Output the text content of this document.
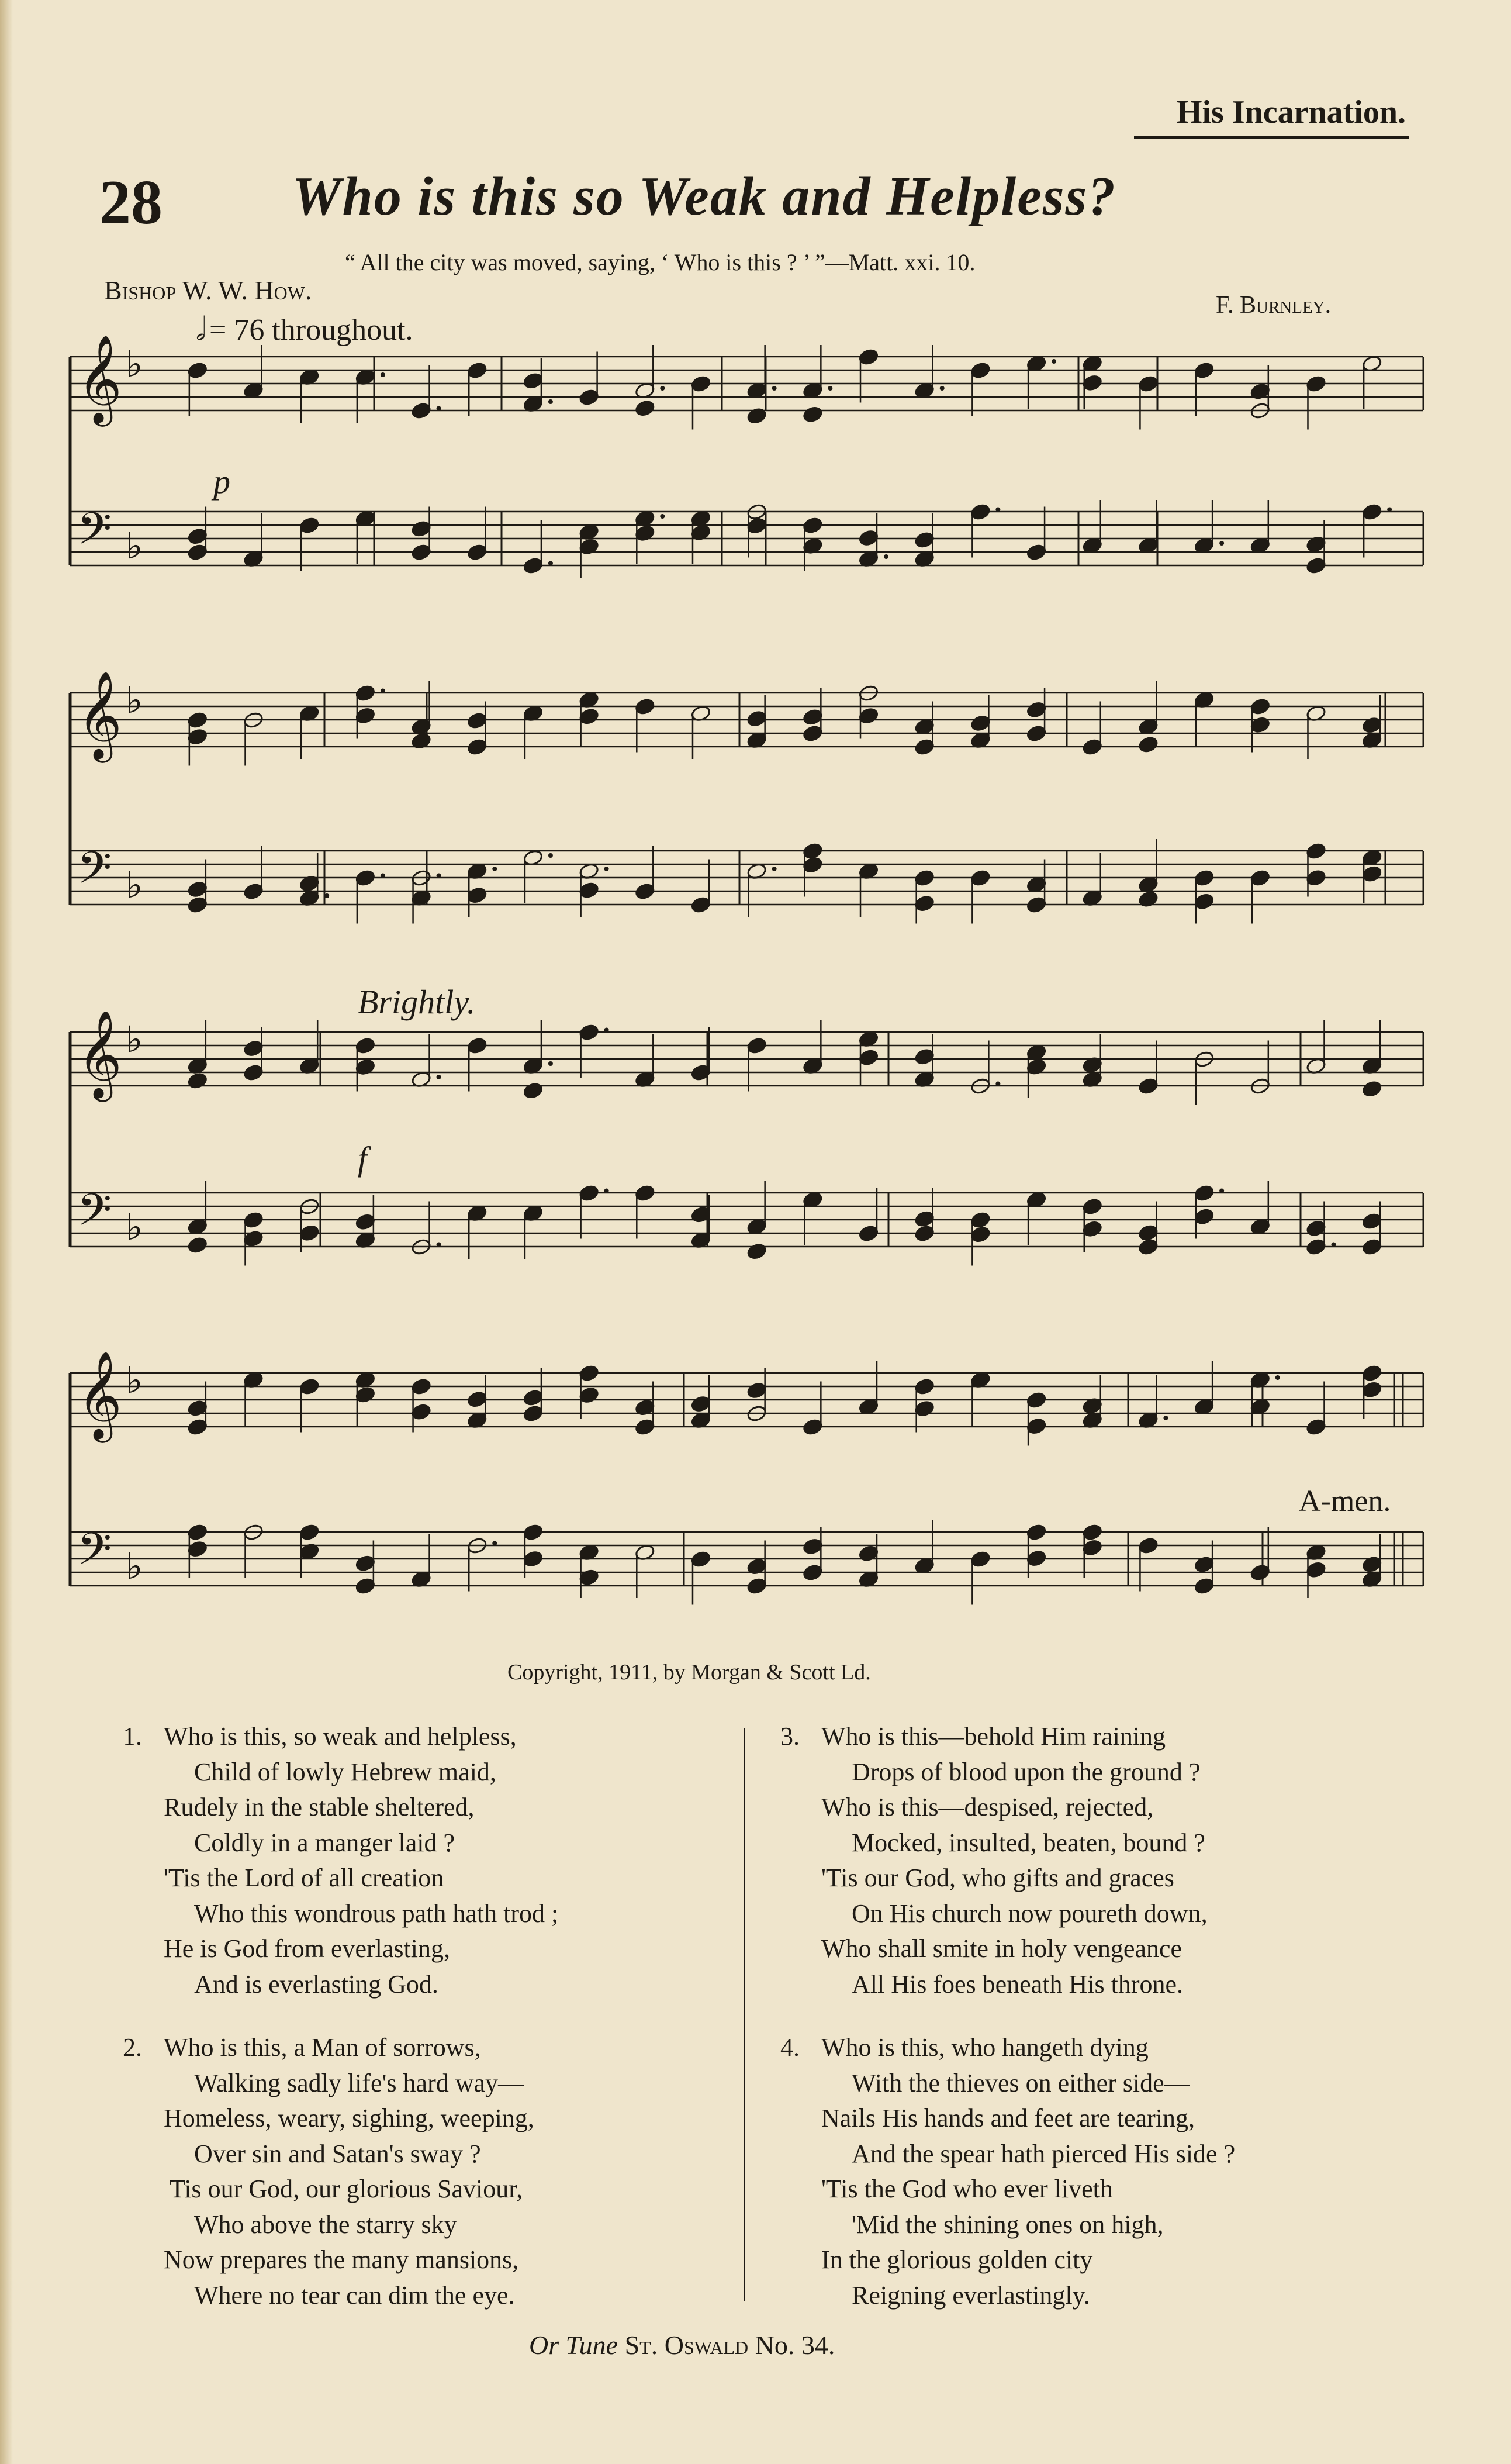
His Incarnation.
28 Who is this so Weak and Helpless?
“ All the city was moved, saying, ‘ Who is this ? ’ ”—Matt. xxi. 10.
Bishop W. W. How.	F. Burnley.
𝅗𝅥 = 76 throughout.
𝄞 ♭
𝄢 ♭
𝄞 ♭
𝄢 ♭
𝄞 ♭
𝄢 ♭
𝄞 ♭
𝄢 ♭
p
Brightly.
f
A-men.
Copyright, 1911, by Morgan & Scott Ld.
1. Who is this, so weak and helpless,
Child of lowly Hebrew maid,
Rudely in the stable sheltered,
Coldly in a manger laid ?
'Tis the Lord of all creation
Who this wondrous path hath trod ;
He is God from everlasting,
And is everlasting God.
2. Who is this, a Man of sorrows,
Walking sadly life's hard way—
Homeless, weary, sighing, weeping,
Over sin and Satan's sway ?
Tis our God, our glorious Saviour,
Who above the starry sky
Now prepares the many mansions,
Where no tear can dim the eye.
3. Who is this—behold Him raining
Drops of blood upon the ground ?
Who is this—despised, rejected,
Mocked, insulted, beaten, bound ?
'Tis our God, who gifts and graces
On His church now poureth down,
Who shall smite in holy vengeance
All His foes beneath His throne.
4. Who is this, who hangeth dying
With the thieves on either side—
Nails His hands and feet are tearing,
And the spear hath pierced His side ?
'Tis the God who ever liveth
'Mid the shining ones on high,
In the glorious golden city
Reigning everlastingly.
Or Tune St. Oswald No. 34.
